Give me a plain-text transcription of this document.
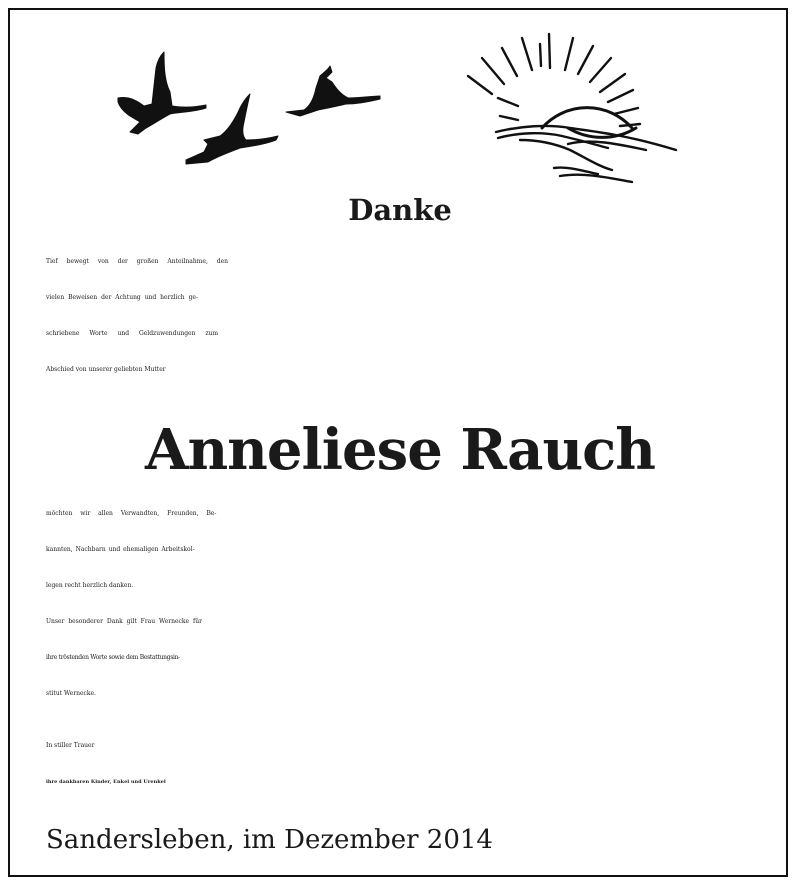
Danke
Tief bewegt von der großen Anteilnahme, den
vielen Beweisen der Achtung und herzlich ge-
schriebene Worte und Geldzuwendungen zum
Abschied von unserer geliebten Mutter
Anneliese Rauch
möchten wir allen Verwandten, Freunden, Be-
kannten, Nachbarn und ehemaligen Arbeitskol-
legen recht herzlich danken.
Unser besonderer Dank gilt Frau Wernecke für
ihre tröstenden Worte sowie dem Bestattungsin-
stitut Wernecke.
In stiller Trauer
ihre dankbaren Kinder, Enkel und Urenkel
Sandersleben, im Dezember 2014
